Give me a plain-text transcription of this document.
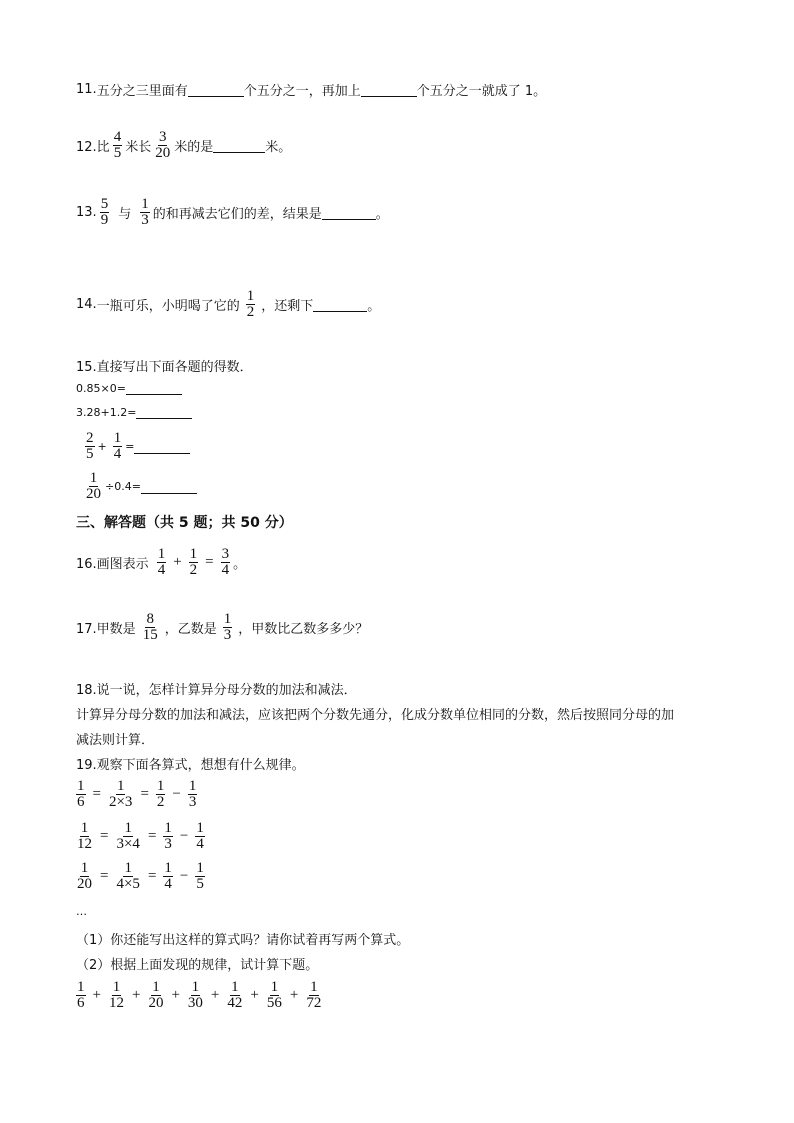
11. 五分之三里面有	个五分之一，再加上	个五分之一就成了 1。
12.比 $\frac{4}{5}$ 米长 $\frac{3}{20}$ 米的是	米。
13. $\frac{5}{9}$ 与 $\frac{1}{3}$ 的和再减去它们的差，结果是	。
14. 一瓶可乐，小明喝了它的 $\frac{1}{2}$ ，还剩下	。
15.直接写出下面各题的得数．
0.85×0=
3.28+1.2=
$\frac{2}{5} + \frac{1}{4}$ =
$\frac{1}{20} \div 0.4=$
三、解答题（共 5 题；共 50 分）
16.画图表示 $\frac{1}{4} + \frac{1}{2} = \frac{3}{4}$ 。
17.甲数是 $\frac{8}{15}$ ，乙数是 $\frac{1}{3}$ ，甲数比乙数多多少？
18.说一说，怎样计算异分母分数的加法和减法．
计算异分母分数的加法和减法，应该把两个分数先通分，化成分数单位相同的分数，然后按照同分母的加
减法则计算．
19.观察下面各算式，想想有什么规律。
$\frac{1}{6} = \frac{1}{2\times 3} = \frac{1}{2} - \frac{1}{3}$
$\frac{1}{12} = \frac{1}{3\times 4} = \frac{1}{3} - \frac{1}{4}$
$\frac{1}{20} = \frac{1}{4\times 5} = \frac{1}{4} - \frac{1}{5}$
…
（1）你还能写出这样的算式吗？请你试着再写两个算式。
（2）根据上面发现的规律，试计算下题。
$\frac{1}{6} + \frac{1}{12} + \frac{1}{20} + \frac{1}{30} + \frac{1}{42} + \frac{1}{56} + \frac{1}{72}$
